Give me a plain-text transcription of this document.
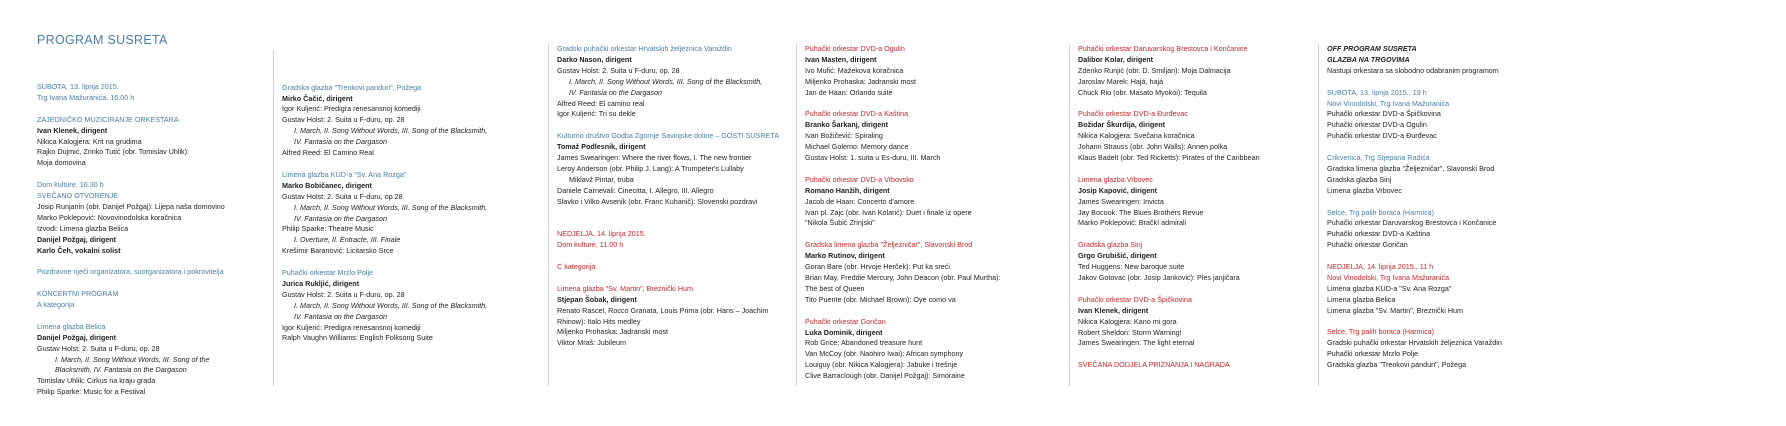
PROGRAM SUSRETA
SUBOTA, 13. lipnja 2015.
Trg Ivana Mažuranića, 16.00 h
ZAJEDNIČKO MUZICIRANJE ORKESTARA
Ivan Klenek, dirigent
Nikica Kalogjera: Krit na grudima
Rajko Dujmić, Zrinko Tutić (obr. Tomislav Uhlik):
Moja domovina
Dom kulture, 16.30 h
SVEČANO OTVORENJE
Josip Runjanin (obr. Danijel Požgaj): Lijepa naša domovino
Marko Poklepović: Novovinodolska koračnica
Izvodi: Limena glazba Belica
Danijel Požgaj, dirigent
Karlo Čeh, vokalni solist
Pozdravne riječi organizatora, suorganizatora i pokrovitelja
KONCERTNI PROGRAM
A kategorija
Limena glazba Belica
Danijel Požgaj, dirigent
Gustav Holst: 2. Suita u F-duru, op. 28
I. March, II. Song Without Words, III. Song of the
Blacksmith, IV. Fantasia on the Dargason
Tomislav Uhlik: Cirkus na kraju grada
Philip Sparke: Music for a Festival
Gradska glazba "Trenkovi panduri", Požega
Mirko Čačić, dirigent
Igor Kuljerić: Predigra renesansnoj komediji
Gustav Holst: 2. Suita u F-duru, op. 28
I. March, II. Song Without Words, III. Song of the Blacksmith,
IV. Fantasia on the Dargason
Alfred Reed: El Camino Real
Limena glazba KUD-a "Sv. Ana Rozga"
Marko Bobičanec, dirigent
Gustav Holst: 2. Suita u F-duru, op.28
I. March, II. Song Without Words, III. Song of the Blacksmith,
IV. Fantasia on the Dargason
Philip Sparke: Theatre Music
I. Overture, II. Entracte, III. Finale
Krešimir Baranović: Licitarsko Srce
Puhački orkestar Mrzlo Polje
Jurica Rukljić, dirigent
Gustav Holst: 2. Suita u F-duru, op. 28
I. March, II. Song Without Words, III. Song of the Blacksmith,
IV. Fantasia on the Dargason
Igor Kuljerić: Predigra renesansnoj komediji
Ralph Vaughn Williams: English Folksong Suite
Gradski puhački orkestar Hrvatskih željeznica Varaždin
Darko Nason, dirigent
Gustav Holst: 2. Suita u F-duru, op. 28
I. March, II. Song Without Words, III. Song of the Blacksmith,
IV. Fantasia on the Dargason
Alfred Reed: El camino real
Igor Kuljerić: Tri su dekle
Kulturno društvo Godba Zgornje Savinjske doline – GOSTI SUSRETA
Tomaž Podlesnik, dirigent
James Swearingen: Where the river flows, I. The new frontier
Leroy Anderson (obr. Philip J. Lang): A Trumpeter's Lullaby
Miklavž Pintar, truba
Daniele Carnevali: Cinecitta, I. Allegro, III. Allegro
Slavko i Vilko Avsenik (obr. Franc Kuhanič): Slovenski pozdravi
NEDJELJA, 14. lipnja 2015.
Dom kulture, 11.00 h
C kategorija
Limena glazba "Sv. Martin", Breznički Hum
Stjepan Šobak, dirigent
Renato Rascel, Rocco Granata, Louis Prima (obr. Hans – Joachim
Rhinow): Italo Hits medley
Miljenko Prohaska: Jadranski most
Viktor Mraš: Jubileum
Puhački orkestar DVD-a Ogulin
Ivan Masten, dirigent
Ivo Mufić: Mažekova koračnica
Miljenko Prohaska: Jadranski most
Jan de Haan: Orlando suite
Puhački orkestar DVD-a Kaština
Branko Šarkanj, dirigent
Ivan Božičević: Spiraling
Michael Golemo: Memory dance
Gustav Holst: 1. suita u Es-duru, III. March
Puhački orkestar DVD-a Vrbovsko
Romano Hanžih, dirigent
Jacob de Haan: Concerto d'amore
Ivan pl. Zajc (obr. Ivan Kolarić): Duet i finale iz opere
"Nikola Šubić Zrinjski"
Gradska limena glazba "Željezničar", Slavonski Brod
Marko Rutinov, dirigent
Goran Bare (obr. Hrvoje Herček): Put ka sreći
Brian May, Freddie Mercury, John Deacon (obr. Paul Murtha):
The best of Queen
Tito Puente (obr. Michael Brown): Oye como va
Puhački orkestar Goričan
Luka Dominik, dirigent
Rob Grice: Abandoned treasure hunt
Van McCoy (obr. Naohiro Iwai): African symphony
Louiguy (obr. Nikica Kalogjera): Jabuke i trešnje
Clive Barraclough (obr. Danijel Požgaj): Simoraine
Puhački orkestar Daruvarskog Brestovca i Končanice
Dalibor Kolar, dirigent
Zdenko Runjić (obr. D. Smiljan): Moja Dalmacija
Jaroslav Marek: Hajá, hajá
Chuck Rio (obr. Masato Myokoi): Tequila
Puhački orkestar DVD-a Đurđevac
Božidar Škurdija, dirigent
Nikica Kalogjera: Svečana koračnica
Johann Strauss (obr. John Walls): Annen polka
Klaus Badelt (obr. Ted Ricketts): Pirates of the Caribbean
Limena glazba Vrbovec
Josip Kapović, dirigent
James Swearingen: Invicta
Jay Bocook: The Blues Brothers Revue
Marko Poklepović: Bračkí admirali
Gradska glazba Sinj
Grgo Grubišić, dirigent
Ted Huggens: New baroque suite
Jakov Gotovac (obr. Josip Janković): Ples janjičara
Puhački orkestar DVD-a Špičkovina
Ivan Klenek, dirigent
Nikica Kalogjera: Kano mi gora
Robert Sheldon: Storm Warning!
James Swearingen: The light eternal
SVEČANA DODJELA PRIZNANJA I NAGRADA
OFF PROGRAM SUSRETA
GLAZBA NA TRGOVIMA
Nastupi orkestara sa slobodno odabranim programom
SUBOTA, 13. lipnja 2015., 19 h
Novi Vinodolski, Trg Ivana Mažuranića
Puhački orkestar DVD-a Špičkovina
Puhački orkestar DVD-a Ogulin
Puhački orkestar DVD-a Đurđevac
Crikvenica, Trg Stjepana Radića
Gradska limena glazba "Željezničar", Slavonski Brod
Gradska glazba Sinj
Limena glazba Vrbovec
Selce, Trg palih boraca (Harmica)
Puhački orkestar Daruvarskog Brestovca i Končanice
Puhački orkestar DVD-a Kaština
Puhački orkestar Goričan
NEDJELJA, 14. lipnja 2015., 11 h
Novi Vinodolski, Trg Ivana Mažuranića
Limena glazba KUD-a "Sv. Ana Rozga"
Limena glazba Belica
Limena glazba "Sv. Martin", Breznički Hum
Selce, Trg palih boraca (Harmica)
Gradski puhački orkestar Hrvatskih željeznica Varaždin
Puhački orkestar Mrzlo Polje
Gradska glazba "Trenkovi panduri", Požega
